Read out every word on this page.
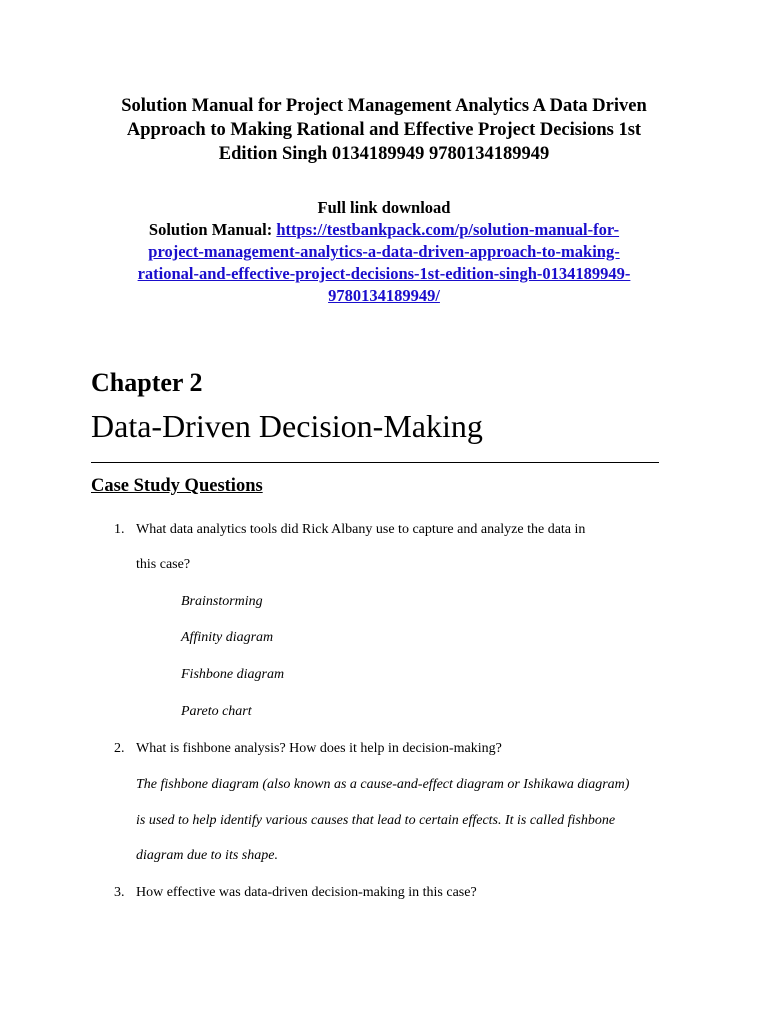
Solution Manual for Project Management Analytics A Data Driven
Approach to Making Rational and Effective Project Decisions 1st
Edition Singh 0134189949 9780134189949
Full link download
Solution Manual: https://testbankpack.com/p/solution-manual-for-
project-management-analytics-a-data-driven-approach-to-making-
rational-and-effective-project-decisions-1st-edition-singh-0134189949-
9780134189949/
Chapter 2
Data-Driven Decision-Making
Case Study Questions
1. What data analytics tools did Rick Albany use to capture and analyze the data in
this case?
Brainstorming
Affinity diagram
Fishbone diagram
Pareto chart
2. What is fishbone analysis? How does it help in decision-making?
The fishbone diagram (also known as a cause-and-effect diagram or Ishikawa diagram)
is used to help identify various causes that lead to certain effects. It is called fishbone
diagram due to its shape.
3. How effective was data-driven decision-making in this case?
